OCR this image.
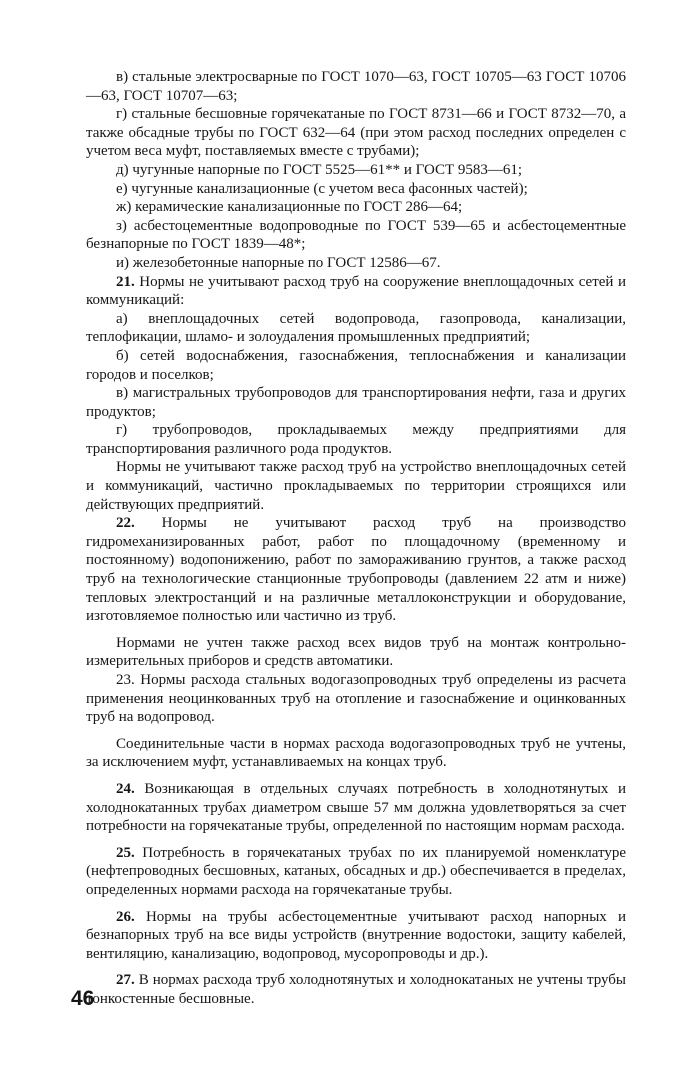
в) стальные электросварные по ГОСТ 1070—63, ГОСТ 10705—63 ГОСТ 10706—63, ГОСТ 10707—63;

г) стальные бесшовные горячекатаные по ГОСТ 8731—66 и ГОСТ 8732—70, а также обсадные трубы по ГОСТ 632—64 (при этом расход последних определен с учетом веса муфт, поставляемых вместе с трубами);

д) чугунные напорные по ГОСТ 5525—61** и ГОСТ 9583—61;

е) чугунные канализационные (с учетом веса фасонных частей);

ж) керамические канализационные по ГОСТ 286—64;

з) асбестоцементные водопроводные по ГОСТ 539—65 и асбестоцементные безнапорные по ГОСТ 1839—48*;

и) железобетонные напорные по ГОСТ 12586—67.

21. Нормы не учитывают расход труб на сооружение внеплощадочных сетей и коммуникаций:

а) внеплощадочных сетей водопровода, газопровода, канализации, теплофикации, шламо- и золоудаления промышленных предприятий;

б) сетей водоснабжения, газоснабжения, теплоснабжения и канализации городов и поселков;

в) магистральных трубопроводов для транспортирования нефти, газа и других продуктов;

г) трубопроводов, прокладываемых между предприятиями для транспортирования различного рода продуктов.

Нормы не учитывают также расход труб на устройство внеплощадочных сетей и коммуникаций, частично прокладываемых по территории строящихся или действующих предприятий.

22. Нормы не учитывают расход труб на производство гидромеханизированных работ, работ по площадочному (временному и постоянному) водопонижению, работ по замораживанию грунтов, а также расход труб на технологические станционные трубопроводы (давлением 22 атм и ниже) тепловых электростанций и на различные металлоконструкции и оборудование, изготовляемое полностью или частично из труб.

Нормами не учтен также расход всех видов труб на монтаж контрольно-измерительных приборов и средств автоматики.

23. Нормы расхода стальных водогазопроводных труб определены из расчета применения неоцинкованных труб на отопление и газоснабжение и оцинкованных труб на водопровод.

Соединительные части в нормах расхода водогазопроводных труб не учтены, за исключением муфт, устанавливаемых на концах труб.

24. Возникающая в отдельных случаях потребность в холоднотянутых и холоднокатанных трубах диаметром свыше 57 мм должна удовлетворяться за счет потребности на горячекатаные трубы, определенной по настоящим нормам расхода.

25. Потребность в горячекатаных трубах по их планируемой номенклатуре (нефтепроводных бесшовных, катаных, обсадных и др.) обеспечивается в пределах, определенных нормами расхода на горячекатаные трубы.

26. Нормы на трубы асбестоцементные учитывают расход напорных и безнапорных труб на все виды устройств (внутренние водостоки, защиту кабелей, вентиляцию, канализацию, водопровод, мусоропроводы и др.).

27. В нормах расхода труб холоднотянутых и холоднокатаных не учтены трубы тонкостенные бесшовные.

46
